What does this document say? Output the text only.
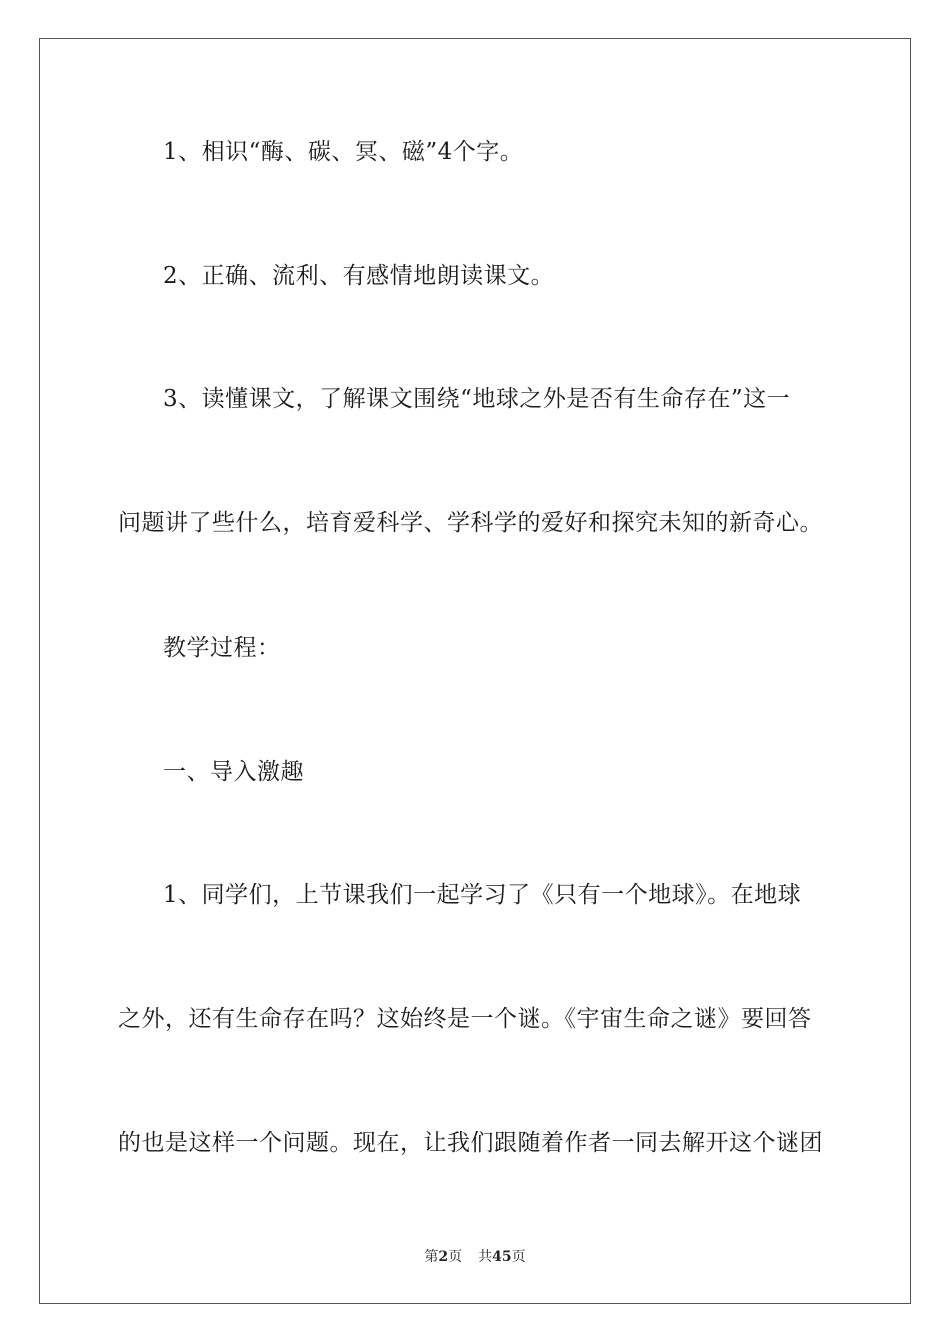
1、相识“酶、碳、冥、磁”4个字。
2、正确、流利、有感情地朗读课文。
3、读懂课文，了解课文围绕“地球之外是否有生命存在”这一
问题讲了些什么，培育爱科学、学科学的爱好和探究未知的新奇心。
教学过程：
一、导入激趣
1、同学们，上节课我们一起学习了《只有一个地球》。在地球
之外，还有生命存在吗？这始终是一个谜。《宇宙生命之谜》要回答
的也是这样一个问题。现在，让我们跟随着作者一同去解开这个谜团
第2页 共45页
